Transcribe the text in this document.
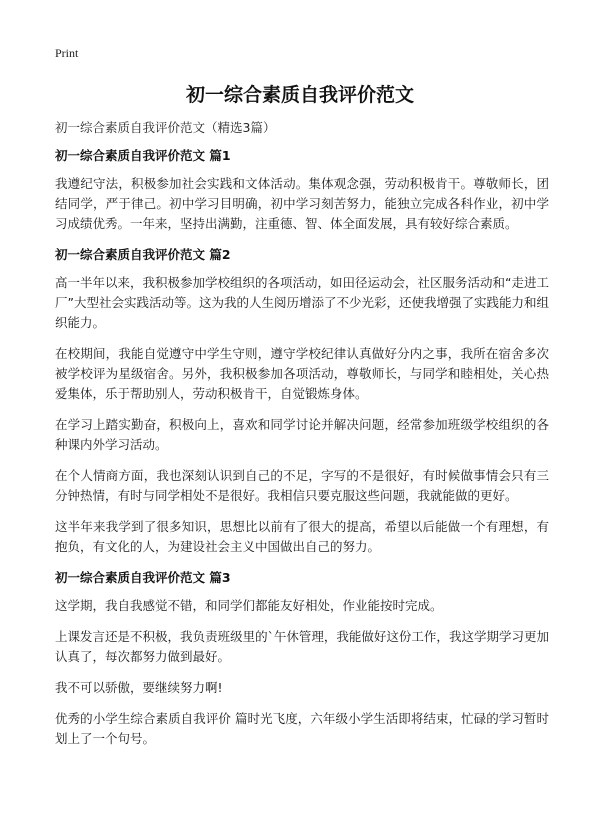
Print
初一综合素质自我评价范文

初一综合素质自我评价范文（精选3篇）

初一综合素质自我评价范文 篇1

我遵纪守法，积极参加社会实践和文体活动。集体观念强，劳动积极肯干。尊敬师长，团结同学，严于律己。初中学习目明确，初中学习刻苦努力，能独立完成各科作业，初中学习成绩优秀。一年来，坚持出满勤，注重德、智、体全面发展，具有较好综合素质。

初一综合素质自我评价范文 篇2

高一半年以来，我积极参加学校组织的各项活动，如田径运动会，社区服务活动和“走进工厂”大型社会实践活动等。这为我的人生阅历增添了不少光彩，还使我增强了实践能力和组织能力。

在校期间，我能自觉遵守中学生守则，遵守学校纪律认真做好分内之事，我所在宿舍多次被学校评为星级宿舍。另外，我积极参加各项活动，尊敬师长，与同学和睦相处，关心热爱集体，乐于帮助别人，劳动积极肯干，自觉锻炼身体。

在学习上踏实勤奋，积极向上，喜欢和同学讨论并解决问题，经常参加班级学校组织的各种课内外学习活动。

在个人情商方面，我也深刻认识到自己的不足，字写的不是很好，有时候做事情会只有三分钟热情，有时与同学相处不是很好。我相信只要克服这些问题，我就能做的更好。

这半年来我学到了很多知识，思想比以前有了很大的提高，希望以后能做一个有理想，有抱负，有文化的人，为建设社会主义中国做出自己的努力。

初一综合素质自我评价范文 篇3

这学期，我自我感觉不错，和同学们都能友好相处，作业能按时完成。

上课发言还是不积极，我负责班级里的`午休管理，我能做好这份工作，我这学期学习更加认真了，每次都努力做到最好。

我不可以骄傲，要继续努力啊!

优秀的小学生综合素质自我评价 篇时光飞度，六年级小学生活即将结束，忙碌的学习暂时划上了一个句号。
